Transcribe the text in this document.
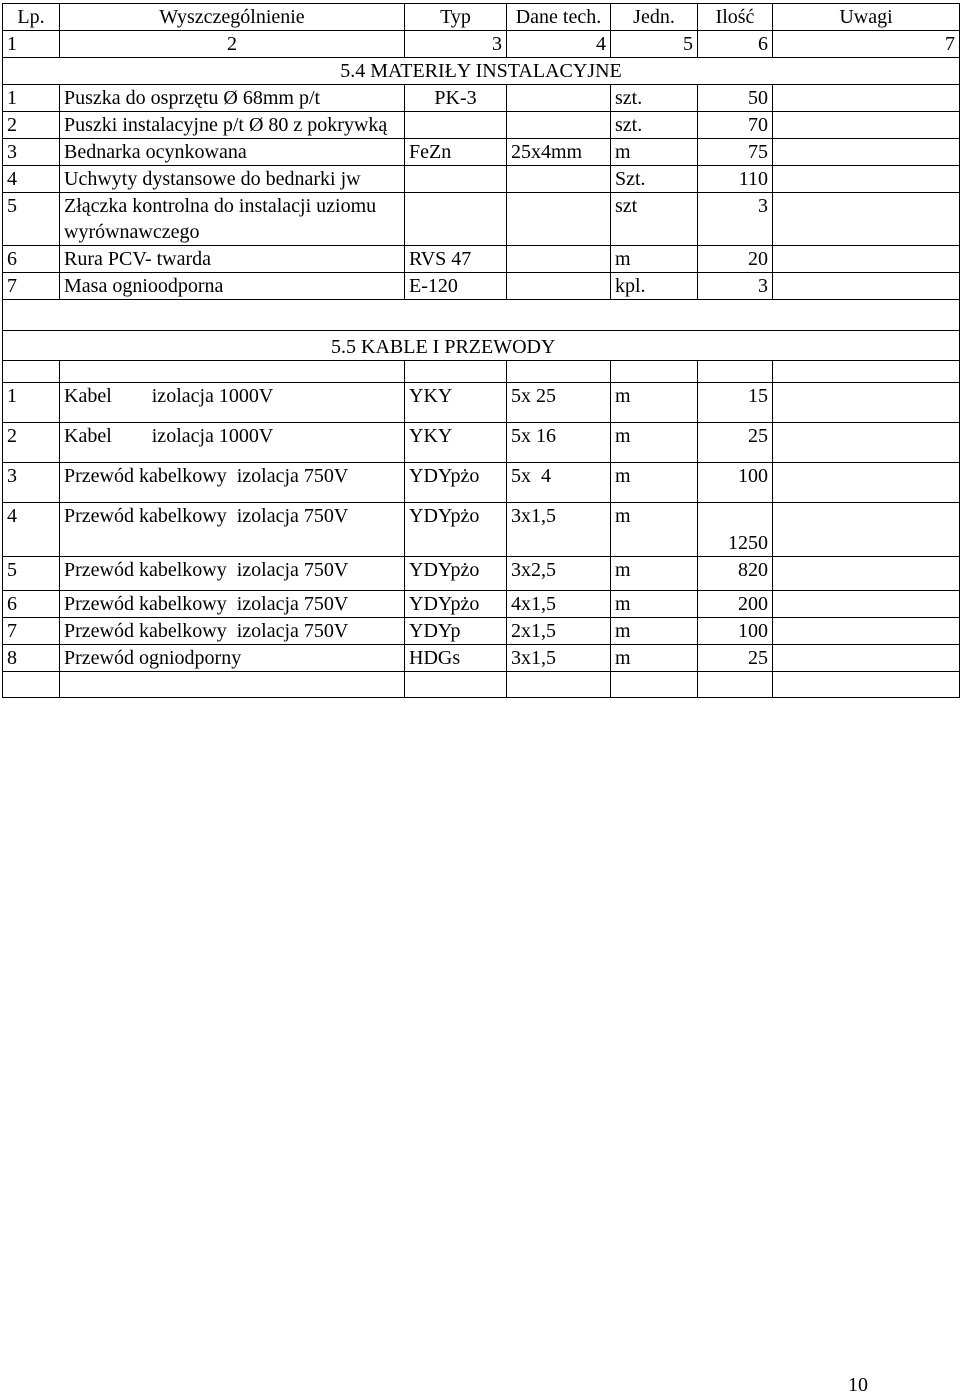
Lp.	Wyszczególnienie	Typ	Dane tech.	Jedn.	Ilość	Uwagi
1	2	3	4	5	6	7
5.4 MATERIŁY INSTALACYJNE						
1	Puszka do osprzętu Ø 68mm p/t	PK-3		szt.	50	
2	Puszki instalacyjne p/t Ø 80 z pokrywką			szt.	70	
3	Bednarka ocynkowana	FeZn	25x4mm	m	75	
4	Uchwyty dystansowe do bednarki jw			Szt.	110	
5	Złączka kontrolna do instalacji uziomu wyrównawczego			szt	3	
6	Rura PCV- twarda	RVS 47		m	20	
7	Masa ognioodporna	E-120		kpl.	3	

5.5 KABLE I PRZEWODY						

1	Kabel        izolacja 1000V	YKY	5x 25	m	15	
2	Kabel        izolacja 1000V	YKY	5x 16	m	25	
3	Przewód kabelkowy  izolacja 750V	YDYpżo	5x  4	m	100	
4	Przewód kabelkowy  izolacja 750V	YDYpżo	3x1,5	m	1250	
5	Przewód kabelkowy  izolacja 750V	YDYpżo	3x2,5	m	820	
6	Przewód kabelkowy  izolacja 750V	YDYpżo	4x1,5	m	200	
7	Przewód kabelkowy  izolacja 750V	YDYp	2x1,5	m	100	
8	Przewód ogniodporny	HDGs	3x1,5	m	25	

10
